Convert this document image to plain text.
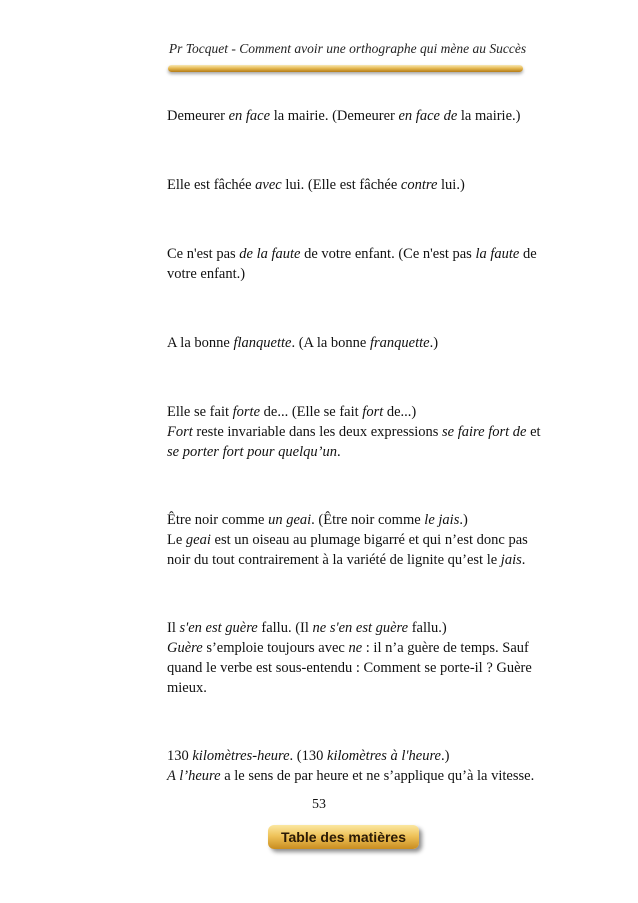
Pr Tocquet - Comment avoir une orthographe qui mène au Succès

Demeurer en face la mairie. (Demeurer en face de la mairie.)

Elle est fâchée avec lui. (Elle est fâchée contre lui.)

Ce n'est pas de la faute de votre enfant. (Ce n'est pas la faute de votre enfant.)

A la bonne flanquette. (A la bonne franquette.)

Elle se fait forte de... (Elle se fait fort de...)

Fort reste invariable dans les deux expressions se faire fort de et se porter fort pour quelqu’un.

Être noir comme un geai. (Être noir comme le jais.)

Le geai est un oiseau au plumage bigarré et qui n’est donc pas noir du tout contrairement à la variété de lignite qu’est le jais.

Il s'en est guère fallu. (Il ne s'en est guère fallu.)

Guère s’emploie toujours avec ne : il n’a guère de temps. Sauf quand le verbe est sous-entendu : Comment se porte-il ? Guère mieux.

130 kilomètres-heure. (130 kilomètres à l'heure.)

A l’heure a le sens de par heure et ne s’applique qu’à la vitesse.

53
Table des matières
